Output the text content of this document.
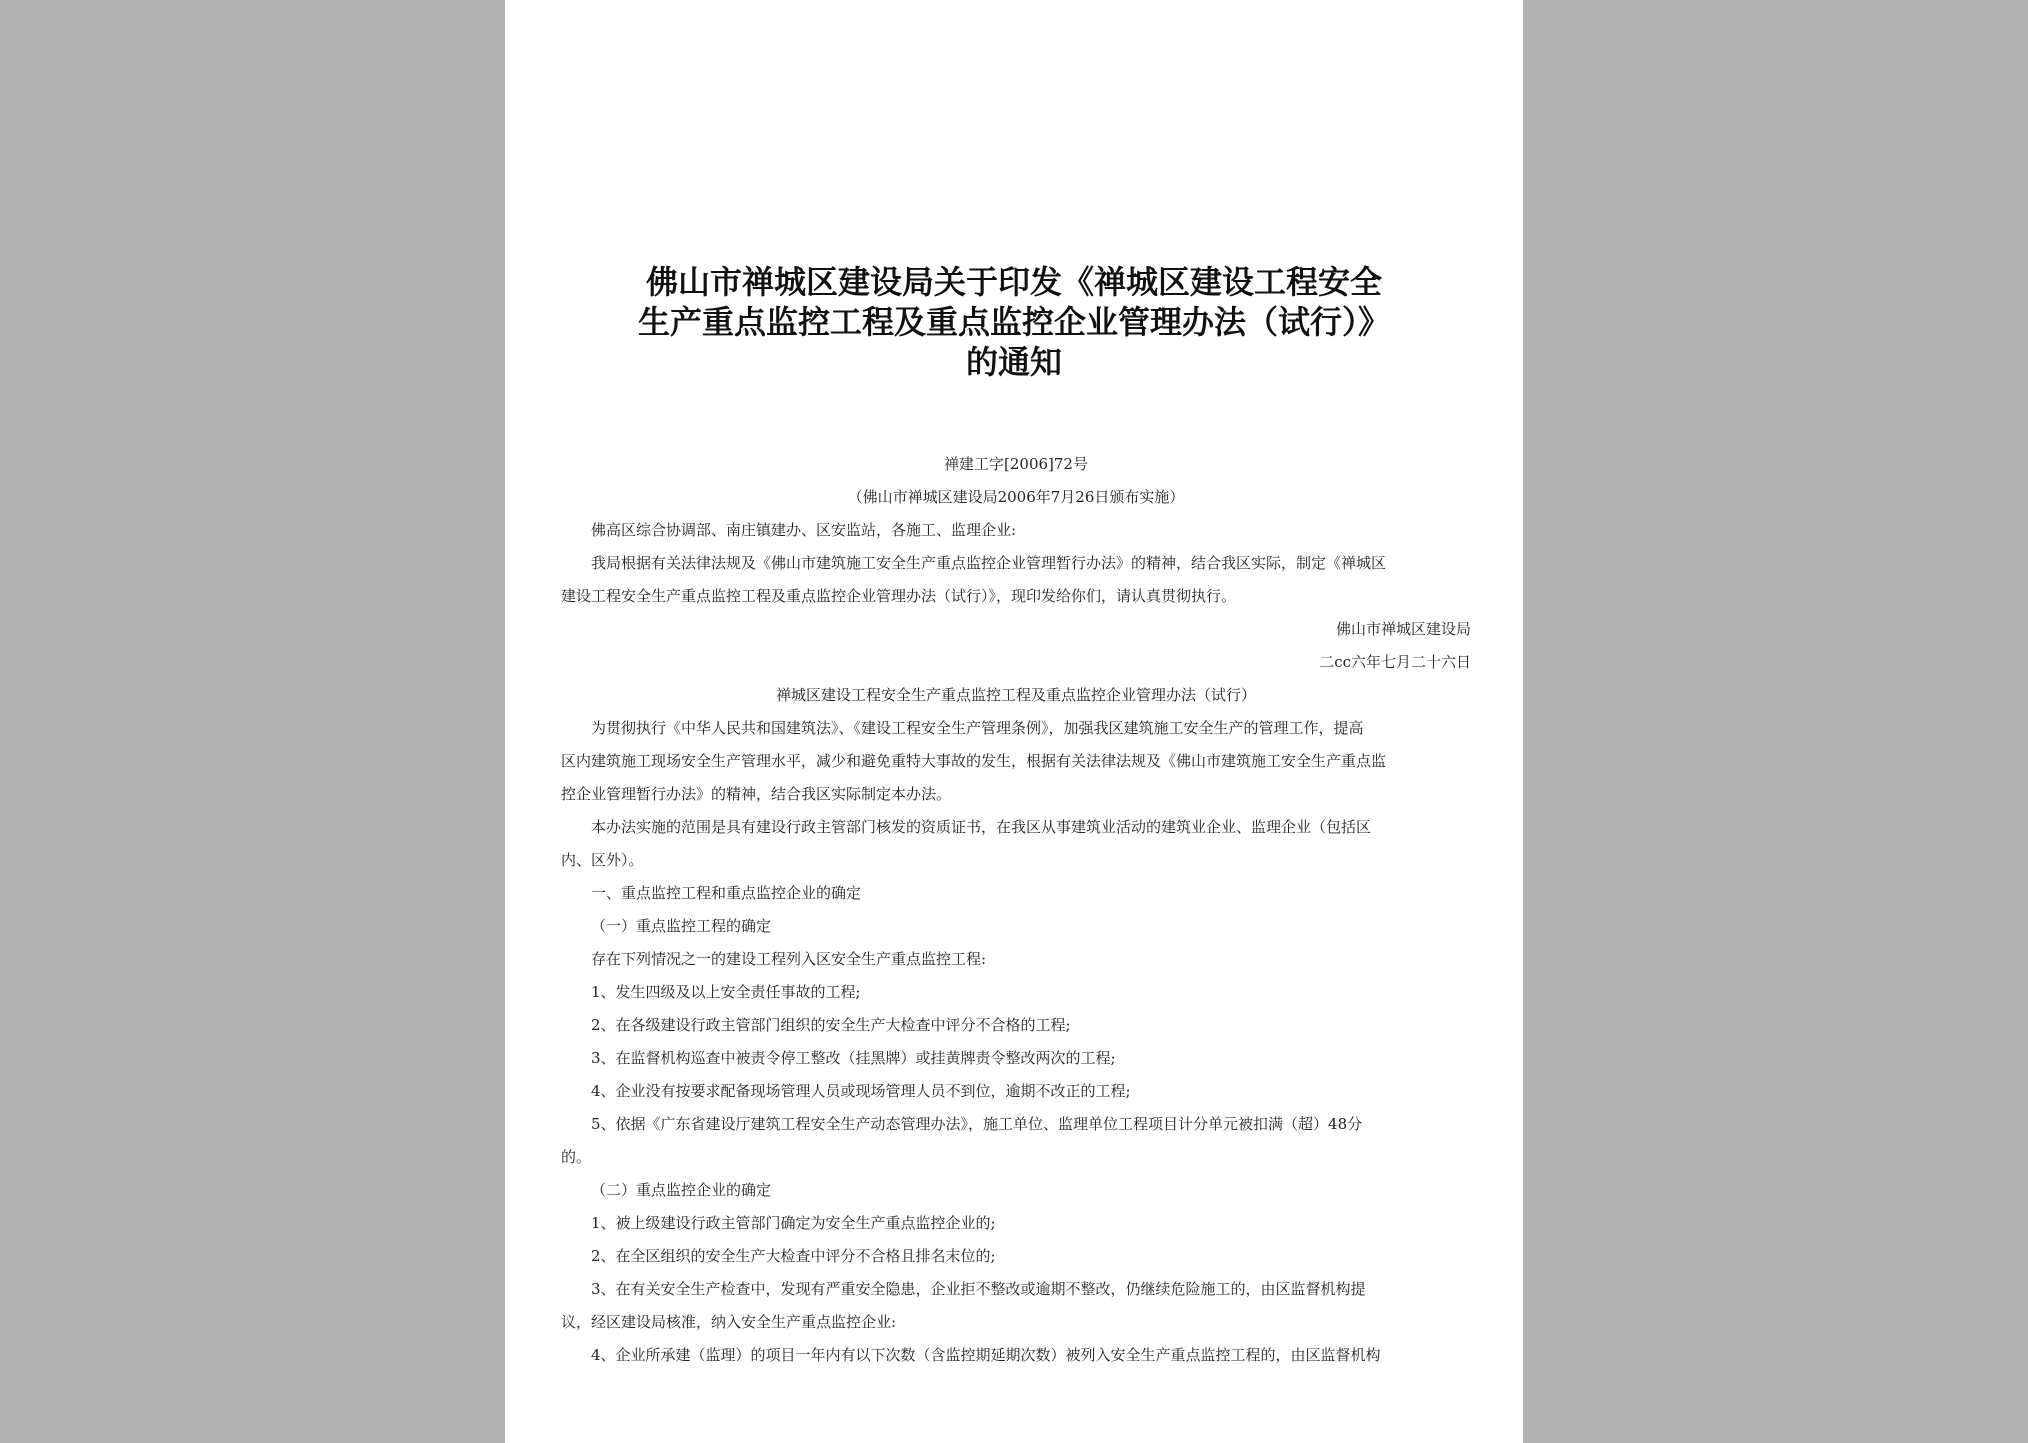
佛山市禅城区建设局关于印发《禅城区建设工程安全
生产重点监控工程及重点监控企业管理办法（试行）》
的通知

禅建工字[2006]72号

（佛山市禅城区建设局2006年7月26日颁布实施）

佛高区综合协调部、南庄镇建办、区安监站，各施工、监理企业:

我局根据有关法律法规及《佛山市建筑施工安全生产重点监控企业管理暂行办法》的精神，结合我区实际，制定《禅城区

建设工程安全生产重点监控工程及重点监控企业管理办法（试行）》，现印发给你们，请认真贯彻执行。

佛山市禅城区建设局

二cc六年七月二十六日

禅城区建设工程安全生产重点监控工程及重点监控企业管理办法（试行）

为贯彻执行《中华人民共和国建筑法》、《建设工程安全生产管理条例》，加强我区建筑施工安全生产的管理工作，提高

区内建筑施工现场安全生产管理水平，减少和避免重特大事故的发生，根据有关法律法规及《佛山市建筑施工安全生产重点监

控企业管理暂行办法》的精神，结合我区实际制定本办法。

本办法实施的范围是具有建设行政主管部门核发的资质证书，在我区从事建筑业活动的建筑业企业、监理企业（包括区

内、区外）。

一、重点监控工程和重点监控企业的确定

（一）重点监控工程的确定

存在下列情况之一的建设工程列入区安全生产重点监控工程:

1、发生四级及以上安全责任事故的工程;

2、在各级建设行政主管部门组织的安全生产大检查中评分不合格的工程;

3、在监督机构巡查中被责令停工整改（挂黑牌）或挂黄牌责令整改两次的工程;

4、企业没有按要求配备现场管理人员或现场管理人员不到位，逾期不改正的工程;

5、依据《广东省建设厅建筑工程安全生产动态管理办法》，施工单位、监理单位工程项目计分单元被扣满（超）48分

的。

（二）重点监控企业的确定

1、被上级建设行政主管部门确定为安全生产重点监控企业的;

2、在全区组织的安全生产大检查中评分不合格且排名末位的;

3、在有关安全生产检查中，发现有严重安全隐患，企业拒不整改或逾期不整改，仍继续危险施工的，由区监督机构提

议，经区建设局核准，纳入安全生产重点监控企业:

4、企业所承建（监理）的项目一年内有以下次数（含监控期延期次数）被列入安全生产重点监控工程的，由区监督机构
